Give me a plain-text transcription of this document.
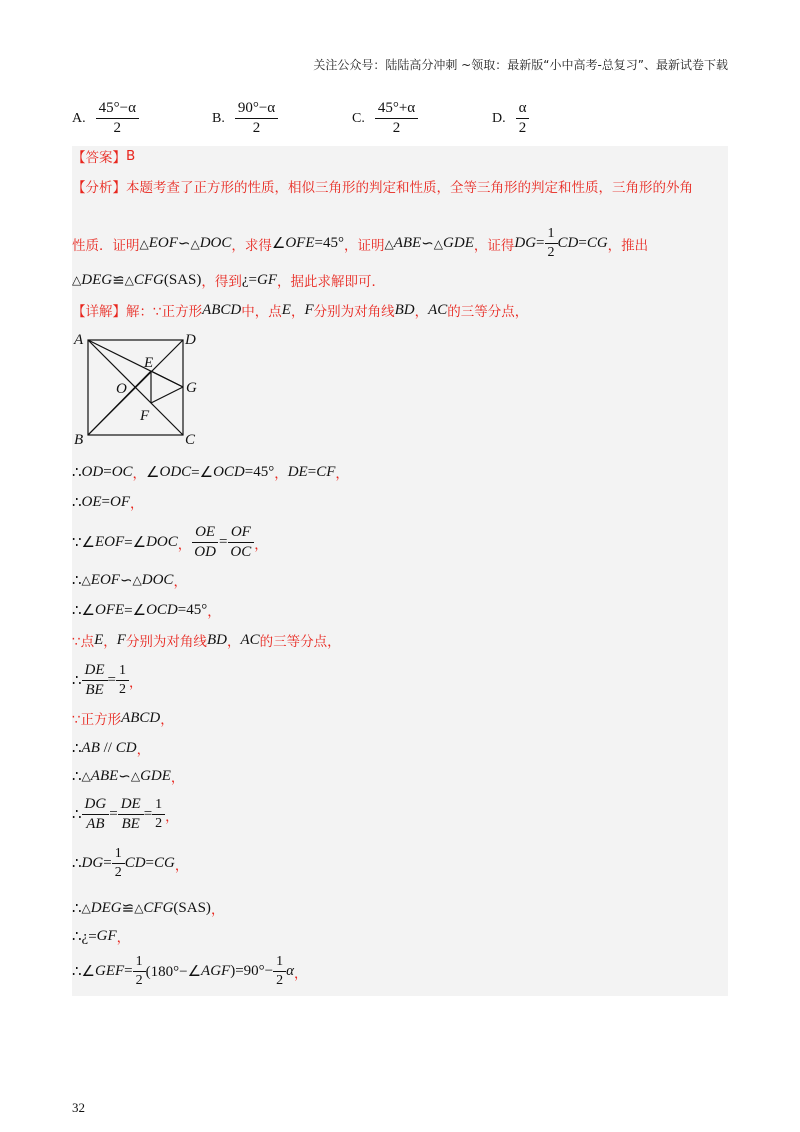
关注公众号：陆陆高分冲刺 ~领取：最新版“小中高考-总复习”、最新试卷下载
A. $\frac{45^\circ-\alpha}{2}$	B. $\frac{90^\circ-\alpha}{2}$	C. $\frac{45^\circ+\alpha}{2}$	D. $\frac{\alpha}{2}$
【答案】 B
【分析】 本题考查了正方形的性质，相似三角形的判定和性质，全等三角形的判定和性质，三角形的外角
性质．证明 △ EOF ∽ △ DOC ，求得 ∠ OFE =45° ，证明 △ ABE ∽ △ GDE ，证得 DG = $\frac{1}{2}$ CD = CG ，推出
△ DEG ≌ △ CFG (SAS) ，得到 ¿= GF ，据此求解即可．
【详解】 解：∵正方形 ABCD 中，点 E ， F 分别为对角线 BD ， AC 的三等分点，
A	D
B	C
E
O	G
F
∴ OD = OC ， ∠ ODC =∠ OCD =45° ， DE = CF ，
∴ OE = OF ，
∵∠ EOF =∠ DOC ， $\frac{OE}{OD} = \frac{OF}{OC}$ ，
∴ △ EOF ∽ △ DOC ，
∴∠ OFE =∠ OCD =45° ，
∵点 E ， F 分别为对角线 BD ， AC 的三等分点，
∴ $\frac{DE}{BE} = \frac{1}{2}$ ，
∵正方形 ABCD ，
∴ AB // CD ，
∴ △ ABE ∽ △ GDE ，
∴ $\frac{DG}{AB} = \frac{DE}{BE} = \frac{1}{2}$ ，
∴ DG = $\frac{1}{2}$ CD = CG ，
∴ △ DEG ≌ △ CFG (SAS) ，
∴¿= GF ，
∴∠ GEF = $\frac{1}{2}$ (180°−∠ AGF )$=90^\circ- \frac{1}{2}$ α ，
32
